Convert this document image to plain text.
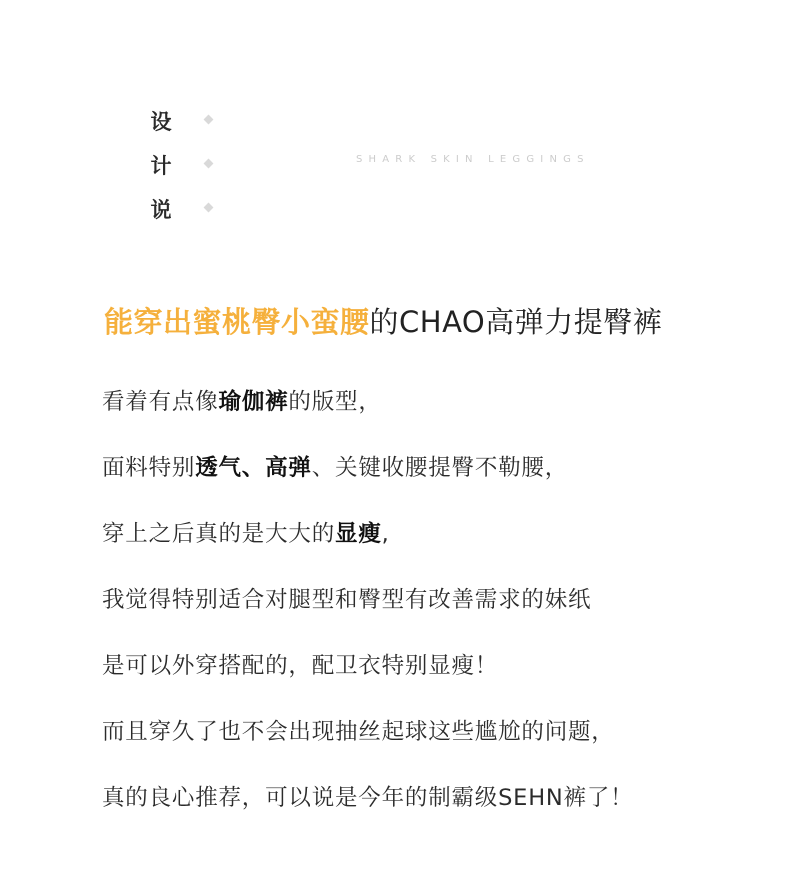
设
计
说
SHARK SKIN LEGGINGS
能穿出蜜桃臀小蛮腰的CHAO高弹力提臀裤
看着有点像瑜伽裤的版型，
面料特别透气、高弹、关键收腰提臀不勒腰，
穿上之后真的是大大的显瘦,
我觉得特别适合对腿型和臀型有改善需求的妹纸
是可以外穿搭配的，配卫衣特别显瘦！
而且穿久了也不会出现抽丝起球这些尴尬的问题，
真的良心推荐，可以说是今年的制霸级SEHN裤了！
